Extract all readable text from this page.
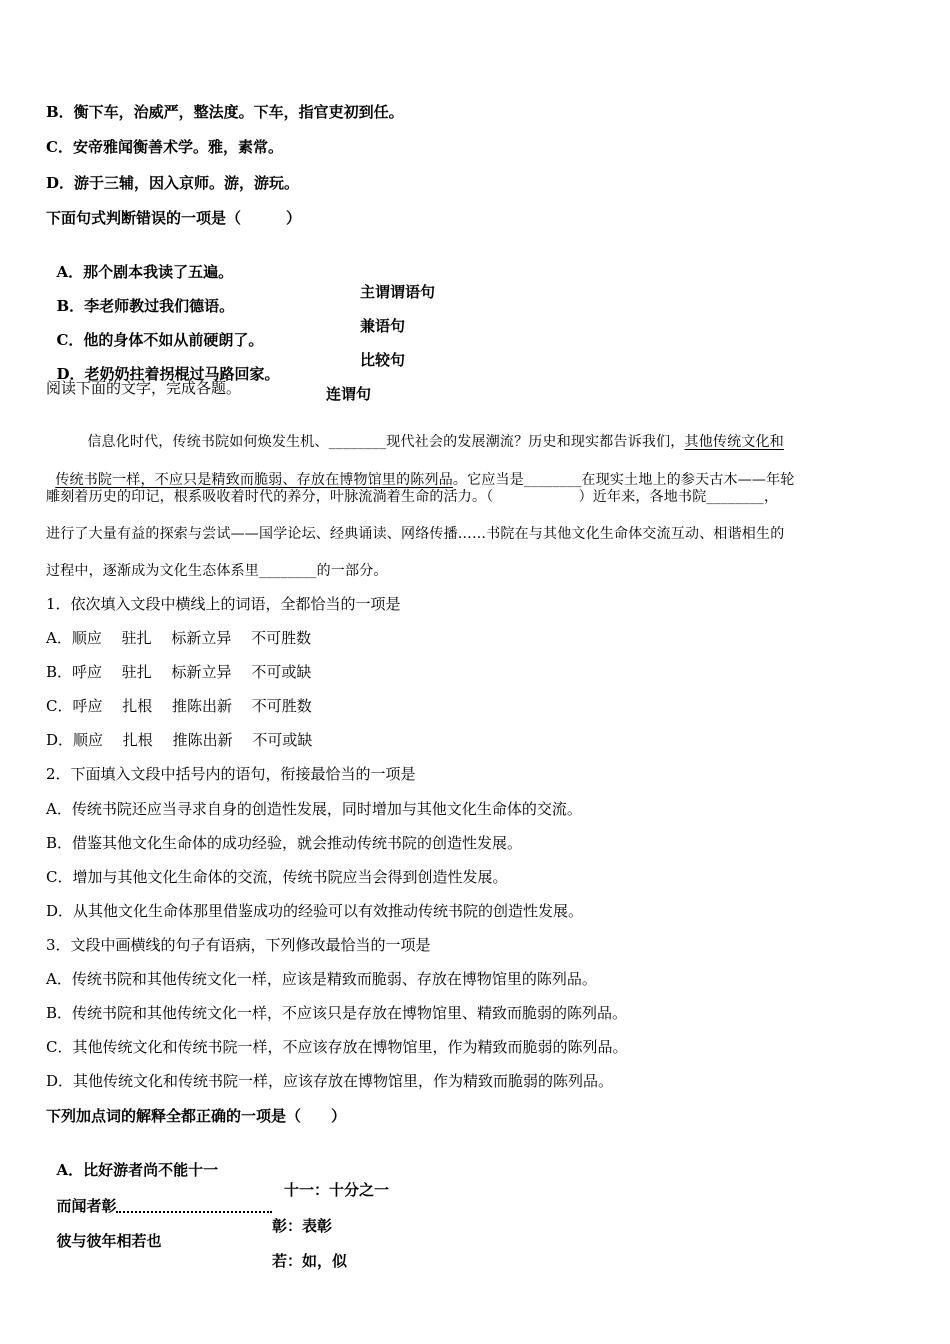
B．衡下车，治威严，整法度。下车，指官吏初到任。
C．安帝雅闻衡善术学。雅，素常。
D．游于三辅，因入京师。游，游玩。
下面句式判断错误的一项是（　　　）

A．那个剧本我读了五遍。

主谓谓语句

B．李老师教过我们德语。

兼语句

C．他的身体不如从前硬朗了。

比较句

D．老奶奶拄着拐棍过马路回家。

连谓句

阅读下面的文字，完成各题。

信息化时代，传统书院如何焕发生机、________现代社会的发展潮流？历史和现实都告诉我们，其他传统文化和

传统书院一样，不应只是精致而脆弱、存放在博物馆里的陈列品。它应当是________在现实土地上的参天古木——年轮

雕刻着历史的印记，根系吸收着时代的养分，叶脉流淌着生命的活力。（　　　　　　）近年来，各地书院________，
进行了大量有益的探索与尝试——国学论坛、经典诵读、网络传播……书院在与其他文化生命体交流互动、相谐相生的
过程中，逐渐成为文化生态体系里________的一部分。
1．依次填入文段中横线上的词语，全都恰当的一项是
A．顺应　 驻扎　 标新立异　 不可胜数
B．呼应　 驻扎　 标新立异　 不可或缺
C．呼应　 扎根　 推陈出新　 不可胜数
D．顺应　 扎根　 推陈出新　 不可或缺
2．下面填入文段中括号内的语句，衔接最恰当的一项是
A．传统书院还应当寻求自身的创造性发展，同时增加与其他文化生命体的交流。
B．借鉴其他文化生命体的成功经验，就会推动传统书院的创造性发展。
C．增加与其他文化生命体的交流，传统书院应当会得到创造性发展。
D．从其他文化生命体那里借鉴成功的经验可以有效推动传统书院的创造性发展。
3．文段中画横线的句子有语病，下列修改最恰当的一项是
A．传统书院和其他传统文化一样，应该是精致而脆弱、存放在博物馆里的陈列品。
B．传统书院和其他传统文化一样，不应该只是存放在博物馆里、精致而脆弱的陈列品。
C．其他传统文化和传统书院一样，不应该存放在博物馆里，作为精致而脆弱的陈列品。
D．其他传统文化和传统书院一样，应该存放在博物馆里，作为精致而脆弱的陈列品。
下列加点词的解释全都正确的一项是（　　）

A．比好游者尚不能十一

十一：十分之一

而闻者彰

彰：表彰

彼与彼年相若也

若：如，似
